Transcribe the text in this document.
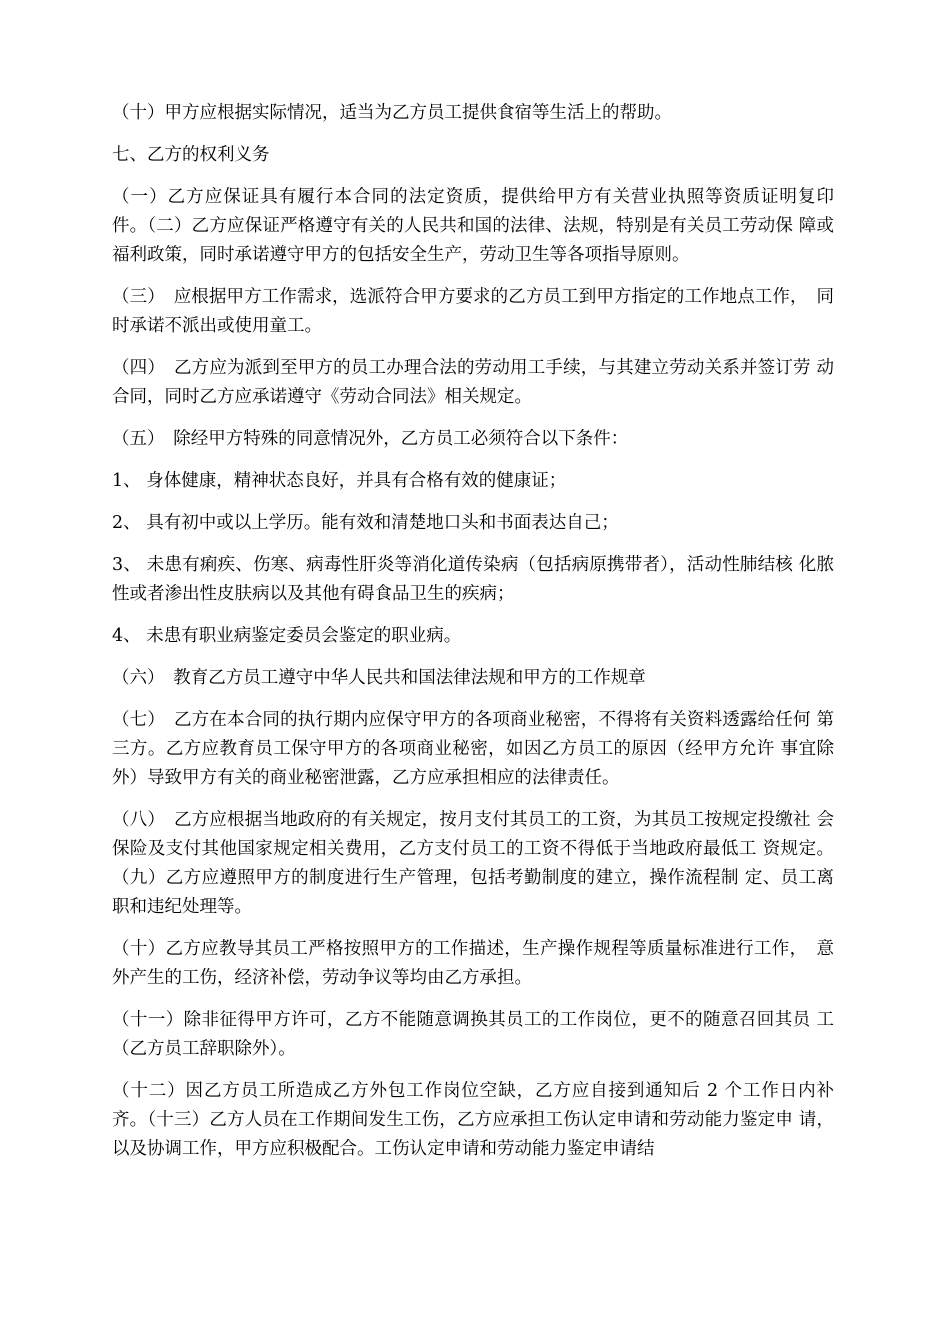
（十）甲方应根据实际情况，适当为乙方员工提供食宿等生活上的帮助。

七、乙方的权利义务

（一）乙方应保证具有履行本合同的法定资质，提供给甲方有关营业执照等资质证明复印 件。（二）乙方应保证严格遵守有关的人民共和国的法律、法规，特别是有关员工劳动保 障或福利政策，同时承诺遵守甲方的包括安全生产，劳动卫生等各项指导原则。

（三）　应根据甲方工作需求，选派符合甲方要求的乙方员工到甲方指定的工作地点工作，　同时承诺不派出或使用童工。

（四）　乙方应为派到至甲方的员工办理合法的劳动用工手续，与其建立劳动关系并签订劳 动合同，同时乙方应承诺遵守《劳动合同法》相关规定。

（五）　除经甲方特殊的同意情况外，乙方员工必须符合以下条件：

1、 身体健康，精神状态良好，并具有合格有效的健康证；

2、 具有初中或以上学历。能有效和清楚地口头和书面表达自己；

3、 未患有痢疾、伤寒、病毒性肝炎等消化道传染病（包括病原携带者），活动性肺结核 化脓性或者渗出性皮肤病以及其他有碍食品卫生的疾病；

4、 未患有职业病鉴定委员会鉴定的职业病。

（六）　教育乙方员工遵守中华人民共和国法律法规和甲方的工作规章

（七）　乙方在本合同的执行期内应保守甲方的各项商业秘密，不得将有关资料透露给任何 第三方。乙方应教育员工保守甲方的各项商业秘密，如因乙方员工的原因（经甲方允许 事宜除外）导致甲方有关的商业秘密泄露，乙方应承担相应的法律责任。

（八）　乙方应根据当地政府的有关规定，按月支付其员工的工资，为其员工按规定投缴社 会保险及支付其他国家规定相关费用，乙方支付员工的工资不得低于当地政府最低工 资规定。（九）乙方应遵照甲方的制度进行生产管理，包括考勤制度的建立，操作流程制 定、员工离职和违纪处理等。

（十）乙方应教导其员工严格按照甲方的工作描述，生产操作规程等质量标准进行工作，　意外产生的工伤，经济补偿，劳动争议等均由乙方承担。

（十一）除非征得甲方许可，乙方不能随意调换其员工的工作岗位，更不的随意召回其员 工（乙方员工辞职除外）。

（十二）因乙方员工所造成乙方外包工作岗位空缺，乙方应自接到通知后 2 个工作日内补 齐。（十三）乙方人员在工作期间发生工伤，乙方应承担工伤认定申请和劳动能力鉴定申 请，以及协调工作，甲方应积极配合。工伤认定申请和劳动能力鉴定申请结
